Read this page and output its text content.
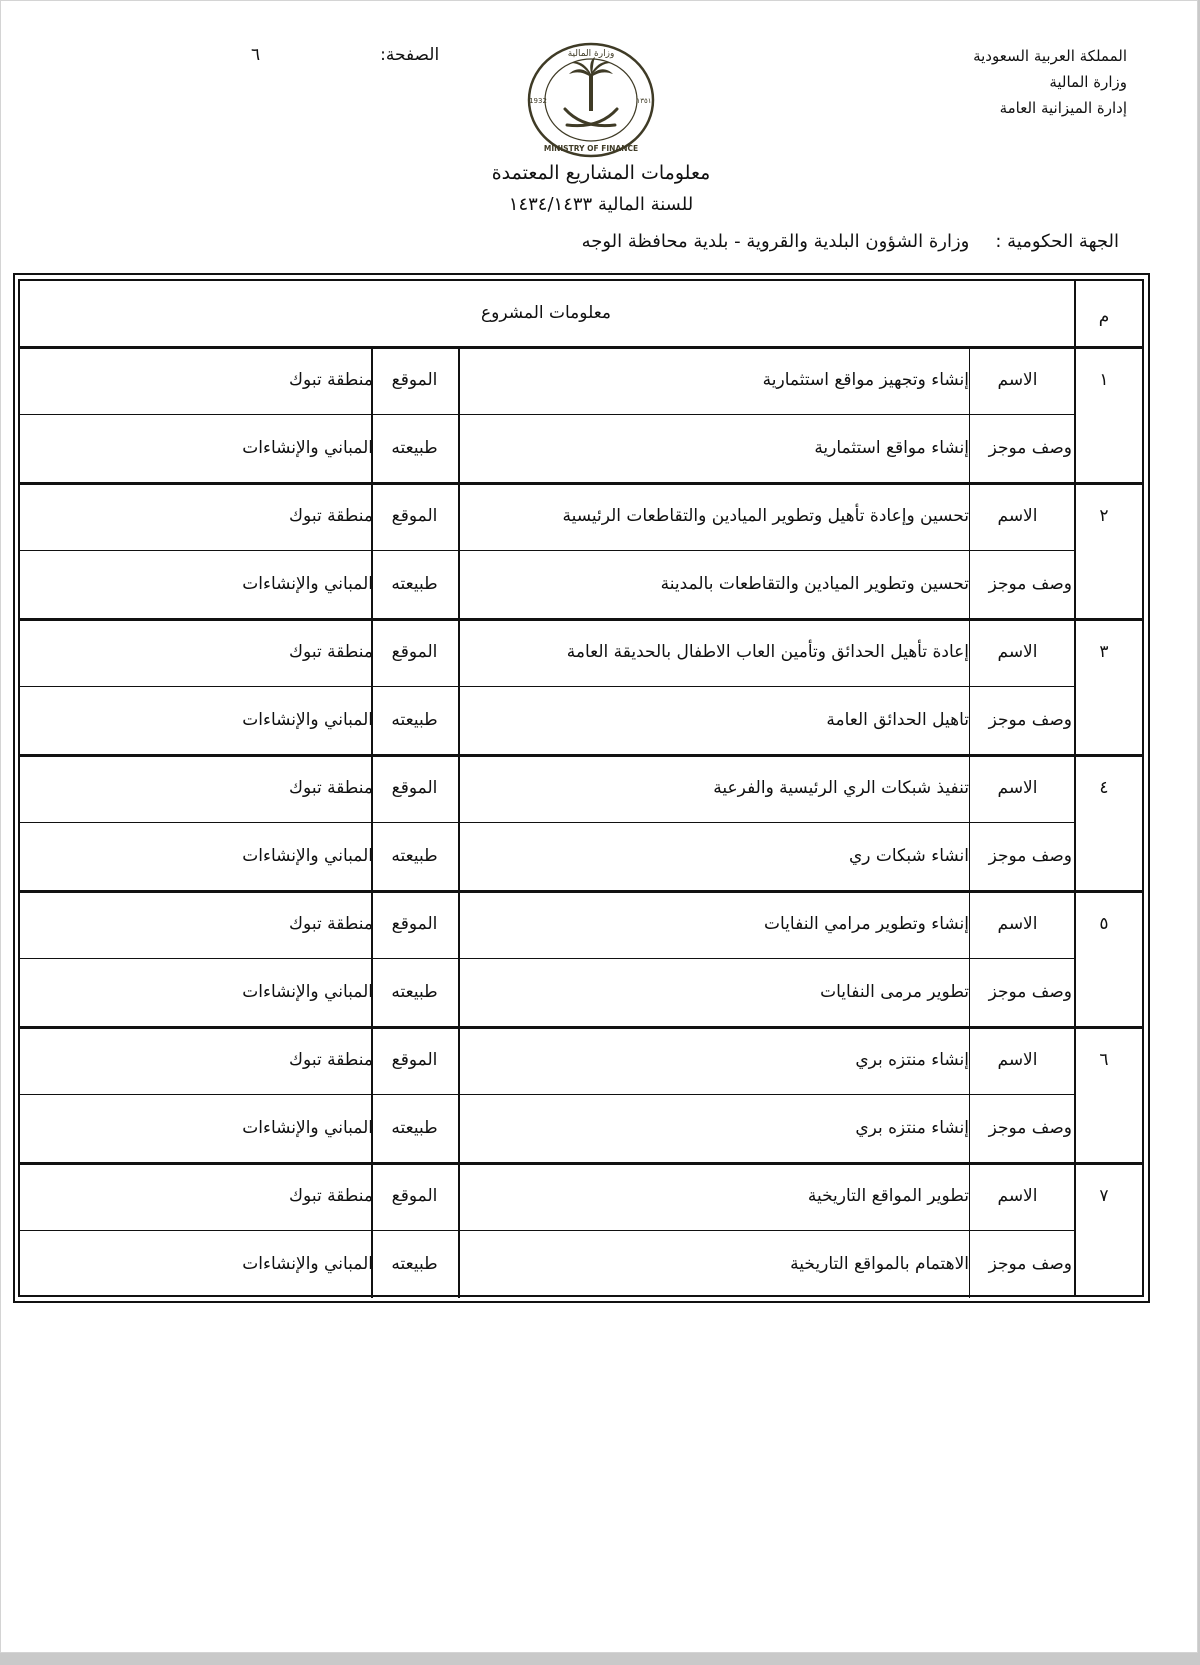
المملكة العربية السعودية
وزارة المالية
إدارة الميزانية العامة
الصفحة:٦	وزارة المالية
MINISTRY OF FINANCE
1932	١٣٥١
معلومات المشاريع المعتمدة
للسنة المالية ١٤٣٤/١٤٣٣
الجهة الحكومية :وزارة الشؤون البلدية والقروية - بلدية محافظة الوجه
م
معلومات المشروع
١
الاسم
إنشاء وتجهيز مواقع استثمارية
الموقع
منطقة تبوك
وصف موجز
إنشاء مواقع استثمارية
طبيعته
المباني والإنشاءات
٢
الاسم
تحسين وإعادة تأهيل وتطوير الميادين والتقاطعات الرئيسية
الموقع
منطقة تبوك
وصف موجز
تحسين وتطوير الميادين والتقاطعات بالمدينة
طبيعته
المباني والإنشاءات
٣
الاسم
إعادة تأهيل الحدائق وتأمين العاب الاطفال بالحديقة العامة
الموقع
منطقة تبوك
وصف موجز
تاهيل الحدائق العامة
طبيعته
المباني والإنشاءات
٤
الاسم
تنفيذ شبكات الري الرئيسية والفرعية
الموقع
منطقة تبوك
وصف موجز
انشاء شبكات ري
طبيعته
المباني والإنشاءات
٥
الاسم
إنشاء وتطوير مرامي النفايات
الموقع
منطقة تبوك
وصف موجز
تطوير مرمى النفايات
طبيعته
المباني والإنشاءات
٦
الاسم
إنشاء منتزه بري
الموقع
منطقة تبوك
وصف موجز
إنشاء منتزه بري
طبيعته
المباني والإنشاءات
٧
الاسم
تطوير المواقع التاريخية
الموقع
منطقة تبوك
وصف موجز
الاهتمام بالمواقع التاريخية
طبيعته
المباني والإنشاءات
